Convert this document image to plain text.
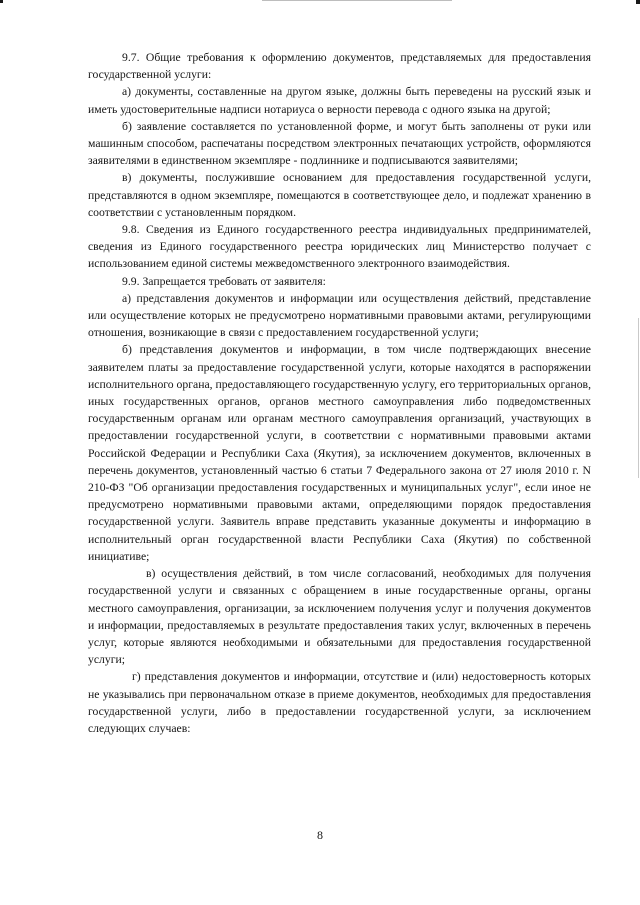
9.7. Общие требования к оформлению документов, представляемых для предоставления государственной услуги:

а) документы, составленные на другом языке, должны быть переведены на русский язык и иметь удостоверительные надписи нотариуса о верности перевода с одного языка на другой;

б) заявление составляется по установленной форме, и могут быть заполнены от руки или машинным способом, распечатаны посредством электронных печатающих устройств, оформляются заявителями в единственном экземпляре - подлиннике и подписываются заявителями;

в) документы, послужившие основанием для предоставления государственной услуги, представляются в одном экземпляре, помещаются в соответствующее дело, и подлежат хранению в соответствии с установленным порядком.

9.8. Сведения из Единого государственного реестра индивидуальных предпринимателей, сведения из Единого государственного реестра юридических лиц Министерство получает с использованием единой системы межведомственного электронного взаимодействия.

9.9. Запрещается требовать от заявителя:

а) представления документов и информации или осуществления действий, представление или осуществление которых не предусмотрено нормативными правовыми актами, регулирующими отношения, возникающие в связи с предоставлением государственной услуги;

б) представления документов и информации, в том числе подтверждающих внесение заявителем платы за предоставление государственной услуги, которые находятся в распоряжении исполнительного органа, предоставляющего государственную услугу, его территориальных органов, иных государственных органов, органов местного самоуправления либо подведомственных государственным органам или органам местного самоуправления организаций, участвующих в предоставлении государственной услуги, в соответствии с нормативными правовыми актами Российской Федерации и Республики Саха (Якутия), за исключением документов, включенных в перечень документов, установленный частью 6 статьи 7 Федерального закона от 27 июля 2010 г. N 210-ФЗ "Об организации предоставления государственных и муниципальных услуг", если иное не предусмотрено нормативными правовыми актами, определяющими порядок предоставления государственной услуги. Заявитель вправе представить указанные документы и информацию в исполнительный орган государственной власти Республики Саха (Якутия) по собственной инициативе;

в) осуществления действий, в том числе согласований, необходимых для получения государственной услуги и связанных с обращением в иные государственные органы, органы местного самоуправления, организации, за исключением получения услуг и получения документов и информации, предоставляемых в результате предоставления таких услуг, включенных в перечень услуг, которые являются необходимыми и обязательными для предоставления государственной услуги;

г) представления документов и информации, отсутствие и (или) недостоверность которых не указывались при первоначальном отказе в приеме документов, необходимых для предоставления государственной услуги, либо в предоставлении государственной услуги, за исключением следующих случаев:

8
